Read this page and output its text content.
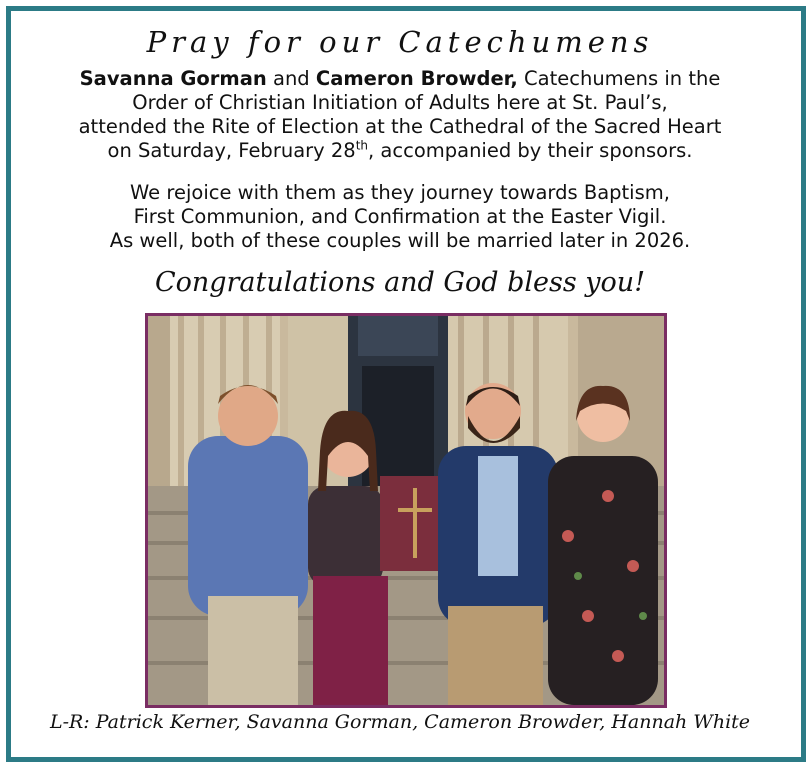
Pray for our Catechumens
Savanna Gorman and Cameron Browder, Catechumens in the
Order of Christian Initiation of Adults here at St. Paul’s,
attended the Rite of Election at the Cathedral of the Sacred Heart
on Saturday, February 28th, accompanied by their sponsors.
We rejoice with them as they journey towards Baptism,
First Communion, and Confirmation at the Easter Vigil.
As well, both of these couples will be married later in 2026.
Congratulations and God bless you!
L-R: Patrick Kerner, Savanna Gorman, Cameron Browder, Hannah White
